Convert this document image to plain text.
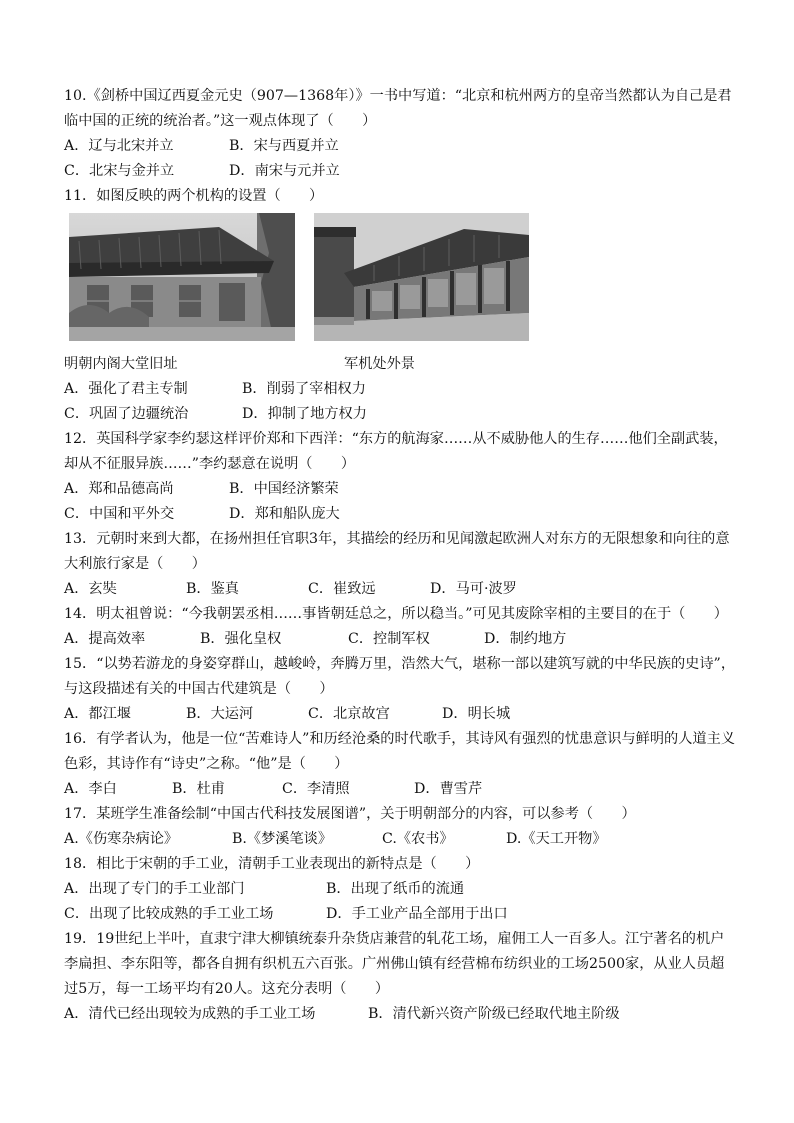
10.《剑桥中国辽西夏金元史（907—1368年）》一书中写道：“北京和杭州两方的皇帝当然都认为自己是君临中国的正统的统治者。”这一观点体现了（　　）

A．辽与北宋并立	B．宋与西夏并立
C．北宋与金并立	D．南宋与元并立

11．如图反映的两个机构的设置（　　）

明朝内阁大堂旧址	军机处外景
A．强化了君主专制	B．削弱了宰相权力
C．巩固了边疆统治	D．抑制了地方权力

12．英国科学家李约瑟这样评价郑和下西洋：“东方的航海家……从不威胁他人的生存……他们全副武装，却从不征服异族……”李约瑟意在说明（　　）

A．郑和品德高尚	B．中国经济繁荣
C．中国和平外交	D．郑和船队庞大

13．元朝时来到大都，在扬州担任官职3年，其描绘的经历和见闻激起欧洲人对东方的无限想象和向往的意大利旅行家是（　　）

A．玄奘	B．鉴真	C．崔致远	D．马可·波罗

14．明太祖曾说：“今我朝罢丞相……事皆朝廷总之，所以稳当。”可见其废除宰相的主要目的在于（　　）

A．提高效率	B．强化皇权	C．控制军权	D．制约地方

15．“以势若游龙的身姿穿群山，越峻岭，奔腾万里，浩然大气，堪称一部以建筑写就的中华民族的史诗”，与这段描述有关的中国古代建筑是（　　）

A．都江堰	B．大运河	C．北京故宫	D．明长城

16．有学者认为，他是一位“苦难诗人”和历经沧桑的时代歌手，其诗风有强烈的忧患意识与鲜明的人道主义色彩，其诗作有“诗史”之称。“他”是（　　）

A．李白	B．杜甫	C．李清照	D．曹雪芹

17．某班学生准备绘制“中国古代科技发展图谱”，关于明朝部分的内容，可以参考（　　）

A.《伤寒杂病论》	B.《梦溪笔谈》	C.《农书》	D.《天工开物》

18．相比于宋朝的手工业，清朝手工业表现出的新特点是（　　）

A．出现了专门的手工业部门	B．出现了纸币的流通
C．出现了比较成熟的手工业工场	D．手工业产品全部用于出口

19．19世纪上半叶，直隶宁津大柳镇统泰升杂货店兼营的轧花工场，雇佣工人一百多人。江宁著名的机户李扁担、李东阳等，都各自拥有织机五六百张。广州佛山镇有经营棉布纺织业的工场2500家，从业人员超过5万，每一工场平均有20人。这充分表明（　　）

A．清代已经出现较为成熟的手工业工场	B．清代新兴资产阶级已经取代地主阶级
